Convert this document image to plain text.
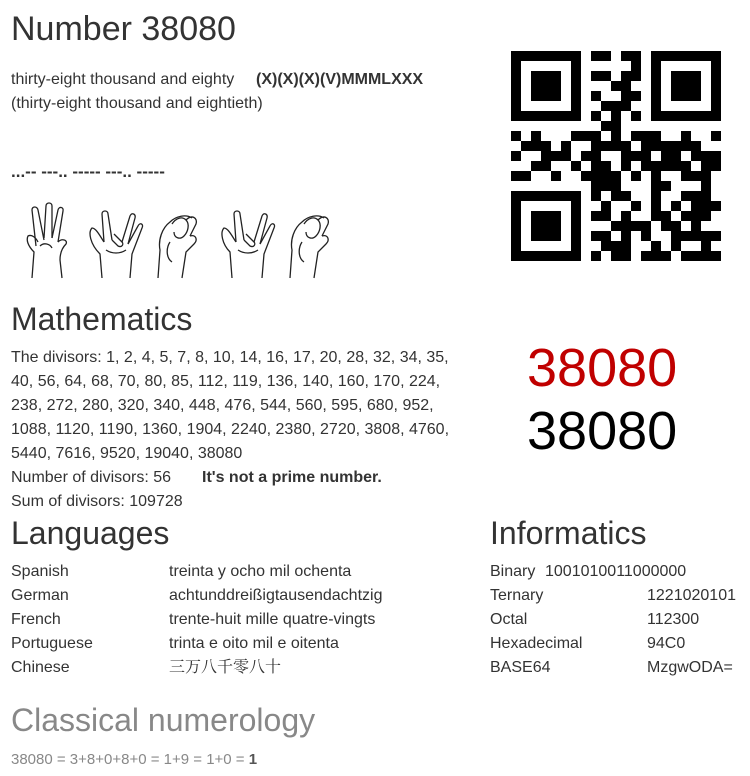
Number 38080
thirty-eight thousand and eighty (X)(X)(X)(V)MMMLXXX
(thirty-eight thousand and eightieth)
...-- ---.. ----- ---.. -----
Mathematics
The divisors: 1, 2, 4, 5, 7, 8, 10, 14, 16, 17, 20, 28, 32, 34, 35, 40, 56, 64, 68, 70, 80, 85, 112, 119, 136, 140, 160, 170, 224, 238, 272, 280, 320, 340, 448, 476, 544, 560, 595, 680, 952, 1088, 1120, 1190, 1360, 1904, 2240, 2380, 2720, 3808, 4760, 5440, 7616, 9520, 19040, 38080
Number of divisors: 56 It's not a prime number.
Sum of divisors: 109728
38080
38080
Languages
Spanish	treinta y ocho mil ochenta
German	achtunddreißigtausendachtzig
French	trente-huit mille quatre-vingts
Portuguese	trinta e oito mil e oitenta
Chinese	三万八千零八十
Informatics
Binary 1001010011000000
Ternary	1221020101
Octal	112300
Hexadecimal	94C0
BASE64	MzgwODA=
Classical numerology
38080 = 3+8+0+8+0 = 1+9 = 1+0 = 1
